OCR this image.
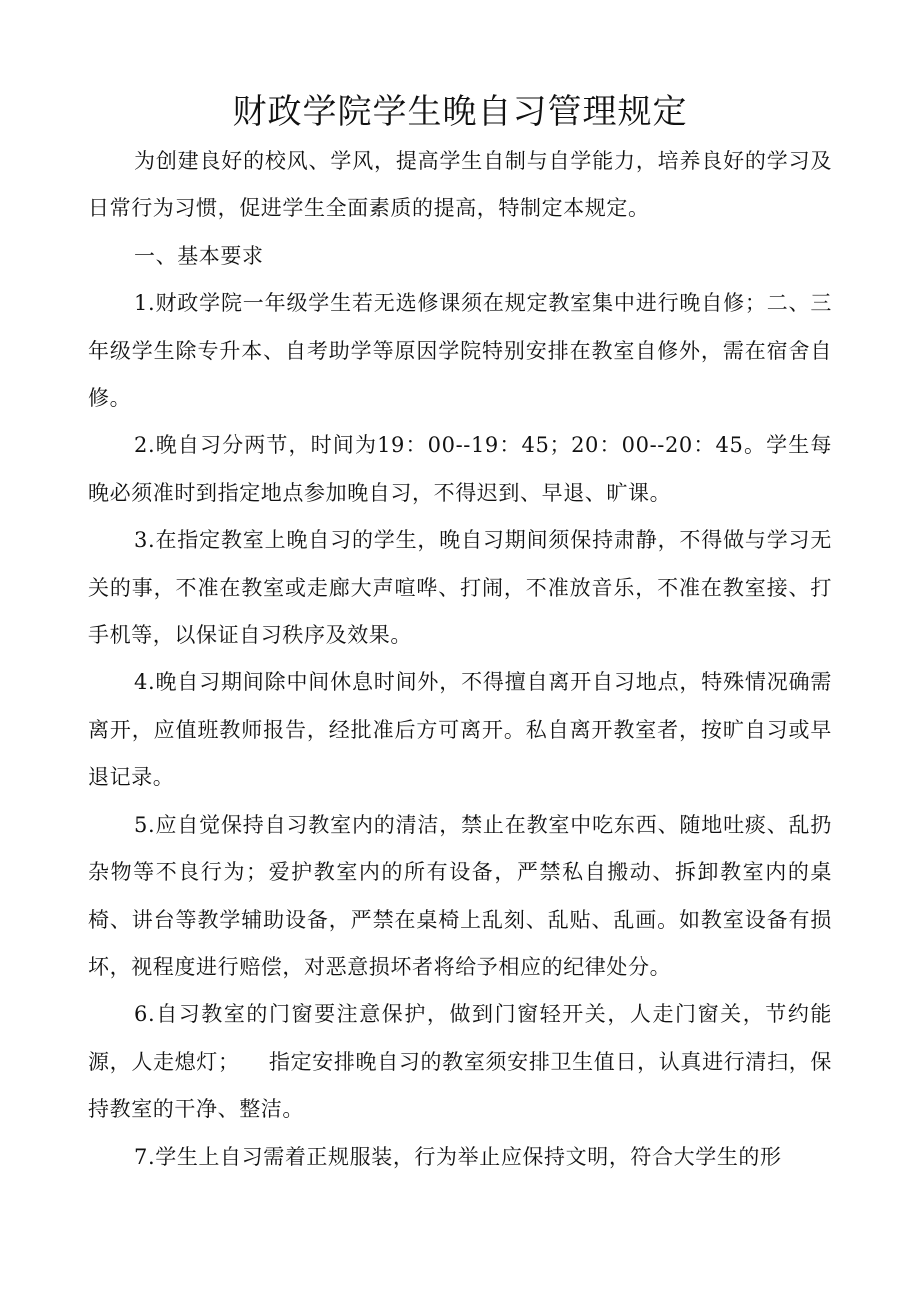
财政学院学生晚自习管理规定

为创建良好的校风、学风，提高学生自制与自学能力，培养良好的学习及日常行为习惯，促进学生全面素质的提高，特制定本规定。

一、基本要求

1.财政学院一年级学生若无选修课须在规定教室集中进行晚自修；二、三年级学生除专升本、自考助学等原因学院特别安排在教室自修外，需在宿舍自修。

2.晚自习分两节，时间为19：00--19：45；20：00--20：45。学生每晚必须准时到指定地点参加晚自习，不得迟到、早退、旷课。

3.在指定教室上晚自习的学生，晚自习期间须保持肃静，不得做与学习无关的事，不准在教室或走廊大声喧哗、打闹，不准放音乐，不准在教室接、打手机等，以保证自习秩序及效果。

4.晚自习期间除中间休息时间外，不得擅自离开自习地点，特殊情况确需离开，应值班教师报告，经批准后方可离开。私自离开教室者，按旷自习或早退记录。

5.应自觉保持自习教室内的清洁，禁止在教室中吃东西、随地吐痰、乱扔杂物等不良行为；爱护教室内的所有设备，严禁私自搬动、拆卸教室内的桌椅、讲台等教学辅助设备，严禁在桌椅上乱刻、乱贴、乱画。如教室设备有损坏，视程度进行赔偿，对恶意损坏者将给予相应的纪律处分。

6.自习教室的门窗要注意保护，做到门窗轻开关，人走门窗关，节约能源，人走熄灯； 指定安排晚自习的教室须安排卫生值日，认真进行清扫，保持教室的干净、整洁。

7.学生上自习需着正规服装，行为举止应保持文明，符合大学生的形
